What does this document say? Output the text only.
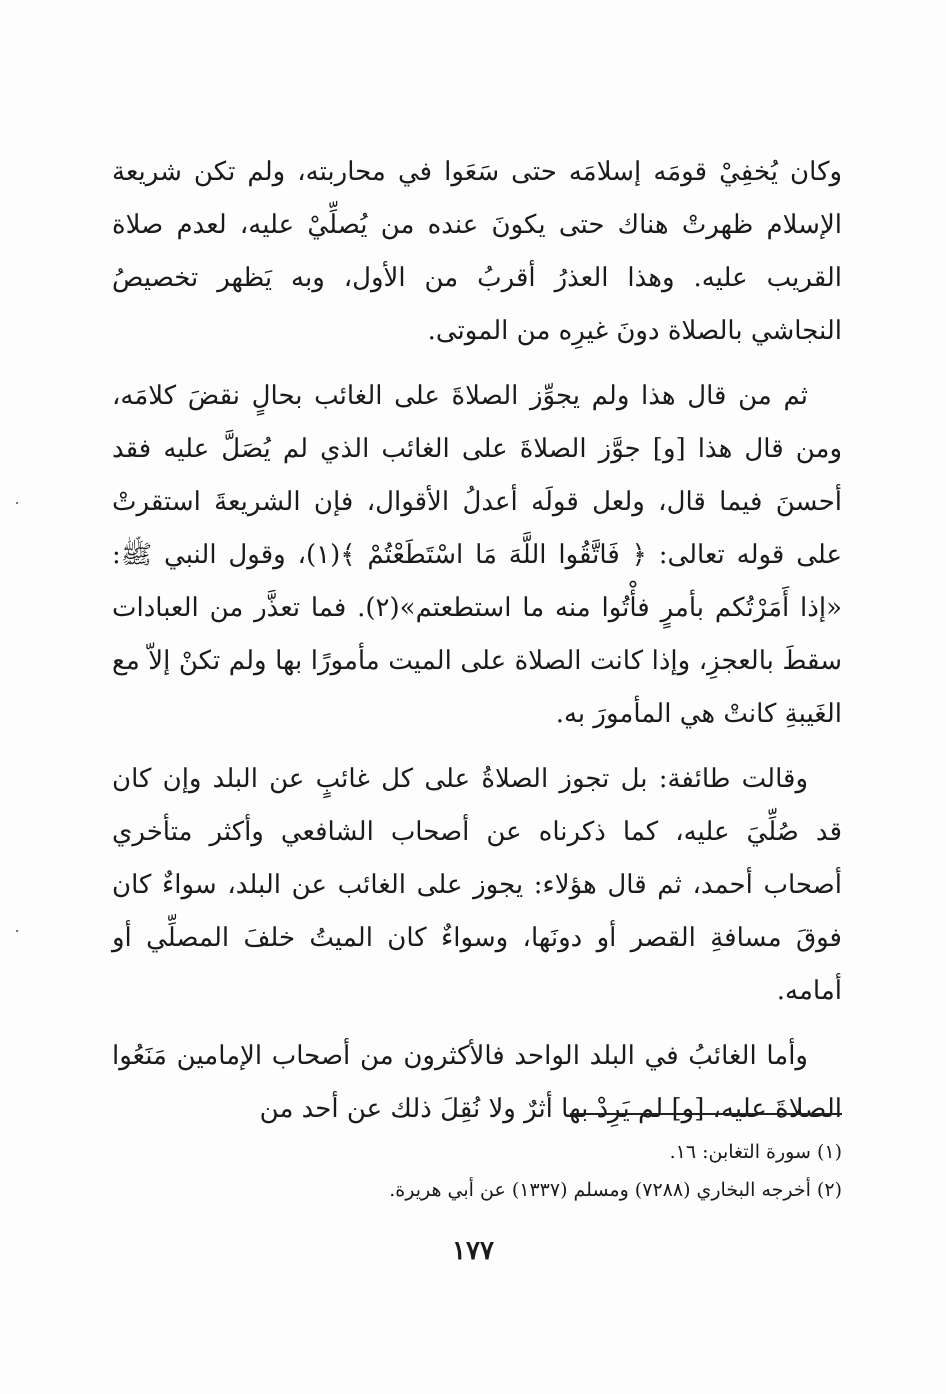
وكان يُخفِيْ قومَه إسلامَه حتى سَعَوا في محاربته، ولم تكن شريعة الإسلام ظهرتْ هناك حتى يكونَ عنده من يُصلِّيْ عليه، لعدم صلاة القريب عليه. وهذا العذرُ أقربُ من الأول، وبه يَظهر تخصيصُ النجاشي بالصلاة دونَ غيرِه من الموتى.

ثم من قال هذا ولم يجوِّز الصلاةَ على الغائب بحالٍ نقضَ كلامَه، ومن قال هذا [و] جوَّز الصلاةَ على الغائب الذي لم يُصَلَّ عليه فقد أحسنَ فيما قال، ولعل قولَه أعدلُ الأقوال، فإن الشريعةَ استقرتْ على قوله تعالى: ﴿ فَاتَّقُوا اللَّهَ مَا اسْتَطَعْتُمْ ﴾(١)، وقول النبي ﷺ: «إذا أَمَرْتُكم بأمرٍ فأْتُوا منه ما استطعتم»(٢). فما تعذَّر من العبادات سقطَ بالعجزِ، وإذا كانت الصلاة على الميت مأمورًا بها ولم تكنْ إلاّ مع الغَيبةِ كانتْ هي المأمورَ به.

وقالت طائفة: بل تجوز الصلاةُ على كل غائبٍ عن البلد وإن كان قد صُلِّيَ عليه، كما ذكرناه عن أصحاب الشافعي وأكثر متأخري أصحاب أحمد، ثم قال هؤلاء: يجوز على الغائب عن البلد، سواءٌ كان فوقَ مسافةِ القصر أو دونَها، وسواءٌ كان الميتُ خلفَ المصلِّي أو أمامه.

وأما الغائبُ في البلد الواحد فالأكثرون من أصحاب الإمامين مَنَعُوا الصلاةَ عليه، [و] لم يَرِدْ بها أثرٌ ولا نُقِلَ ذلك عن أحد من

(١) سورة التغابن: ١٦.

(٢) أخرجه البخاري (٧٢٨٨) ومسلم (١٣٣٧) عن أبي هريرة.

١٧٧
